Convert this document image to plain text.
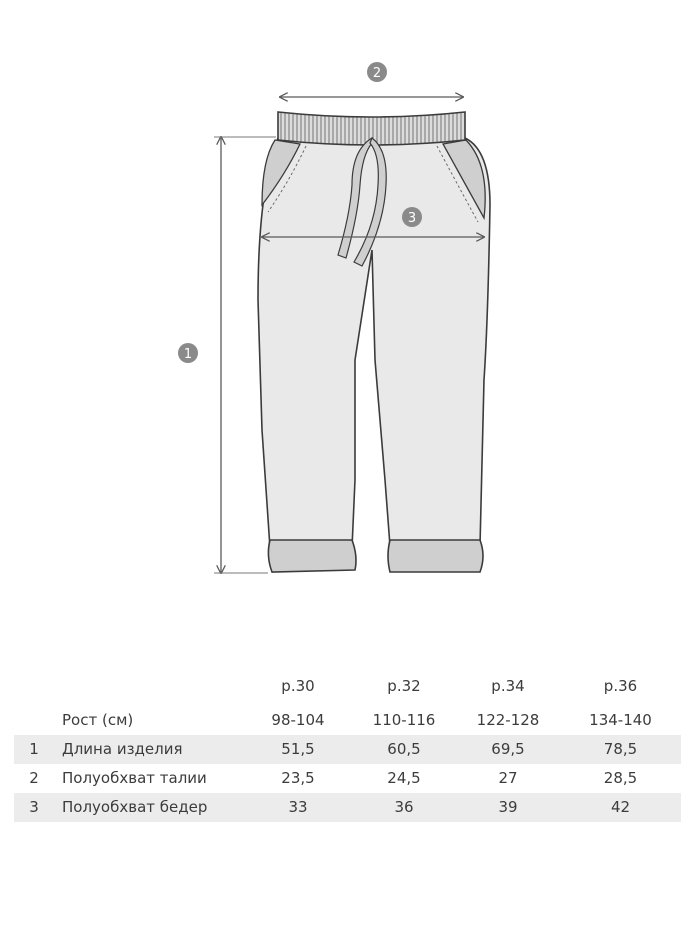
1
2
3
р.30	р.32	р.34	р.36
Рост (см)	98-104	110-116	122-128	134-140
1	Длина изделия	51,5	60,5	69,5	78,5
2	Полуобхват талии	23,5	24,5	27	28,5
3	Полуобхват бедер	33	36	39	42
